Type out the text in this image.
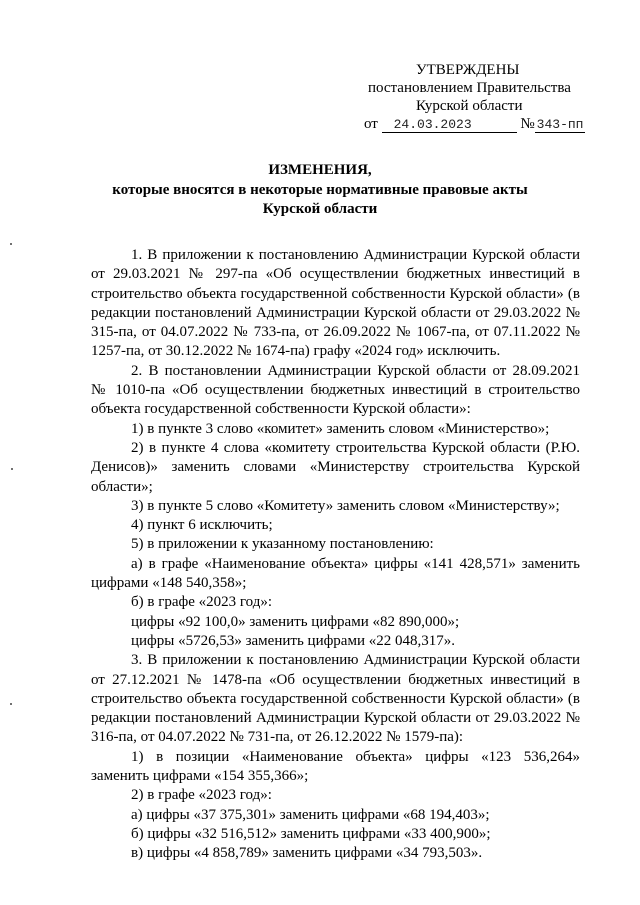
УТВЕРЖДЕНЫ
постановлением Правительства
Курской области
от 24.03.2023	№ 343-пп
ИЗМЕНЕНИЯ,
которые вносятся в некоторые нормативные правовые акты
Курской области

1. В приложении к постановлению Администрации Курской области от 29.03.2021 № 297-па «Об осуществлении бюджетных инвестиций в строительство объекта государственной собственности Курской области» (в редакции постановлений Администрации Курской области от 29.03.2022 № 315-па, от 04.07.2022 № 733-па, от 26.09.2022 № 1067-па, от 07.11.2022 № 1257-па, от 30.12.2022 № 1674-па) графу «2024 год» исключить.

2. В постановлении Администрации Курской области от 28.09.2021 № 1010-па «Об осуществлении бюджетных инвестиций в строительство объекта государственной собственности Курской области»:

1) в пункте 3 слово «комитет» заменить словом «Министерство»;

2) в пункте 4 слова «комитету строительства Курской области (Р.Ю. Денисов)» заменить словами «Министерству строительства Курской области»;

3) в пункте 5 слово «Комитету» заменить словом «Министерству»;

4) пункт 6 исключить;

5) в приложении к указанному постановлению:

а) в графе «Наименование объекта» цифры «141 428,571» заменить цифрами «148 540,358»;

б) в графе «2023 год»:

цифры «92 100,0» заменить цифрами «82 890,000»;

цифры «5726,53» заменить цифрами «22 048,317».

3. В приложении к постановлению Администрации Курской области от 27.12.2021 № 1478-па «Об осуществлении бюджетных инвестиций в строительство объекта государственной собственности Курской области» (в редакции постановлений Администрации Курской области от 29.03.2022 № 316-па, от 04.07.2022 № 731-па, от 26.12.2022 № 1579-па):

1) в позиции «Наименование объекта» цифры «123 536,264» заменить цифрами «154 355,366»;

2) в графе «2023 год»:

а) цифры «37 375,301» заменить цифрами «68 194,403»;

б) цифры «32 516,512» заменить цифрами «33 400,900»;

в) цифры «4 858,789» заменить цифрами «34 793,503».
